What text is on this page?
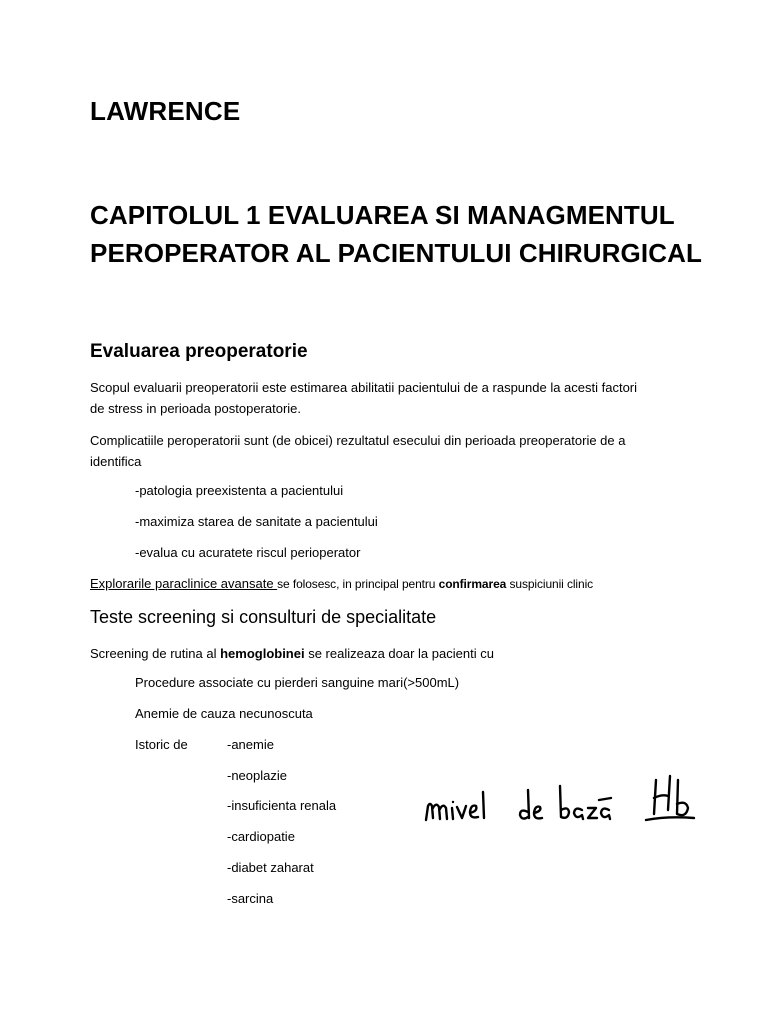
LAWRENCE
CAPITOLUL 1 EVALUAREA SI MANAGMENTUL
PEROPERATOR AL PACIENTULUI CHIRURGICAL
Evaluarea preoperatorie
Scopul evaluarii preoperatorii este estimarea abilitatii pacientului de a raspunde la acesti factori
de stress in perioada postoperatorie.
Complicatiile peroperatorii sunt (de obicei) rezultatul esecului din perioada preoperatorie de a
identifica
-patologia preexistenta a pacientului
-maximiza starea de sanitate a pacientului
-evalua cu acuratete riscul perioperator
Explorarile paraclinice avansate se folosesc, in principal pentru confirmarea suspiciunii clinic
Teste screening si consulturi de specialitate
Screening de rutina al hemoglobinei se realizeaza doar la pacienti cu
Procedure associate cu pierderi sanguine mari(>500mL)
Anemie de cauza necunoscuta
Istoric de	-anemie
-neoplazie
-insuficienta renala
-cardiopatie
-diabet zaharat
-sarcina
